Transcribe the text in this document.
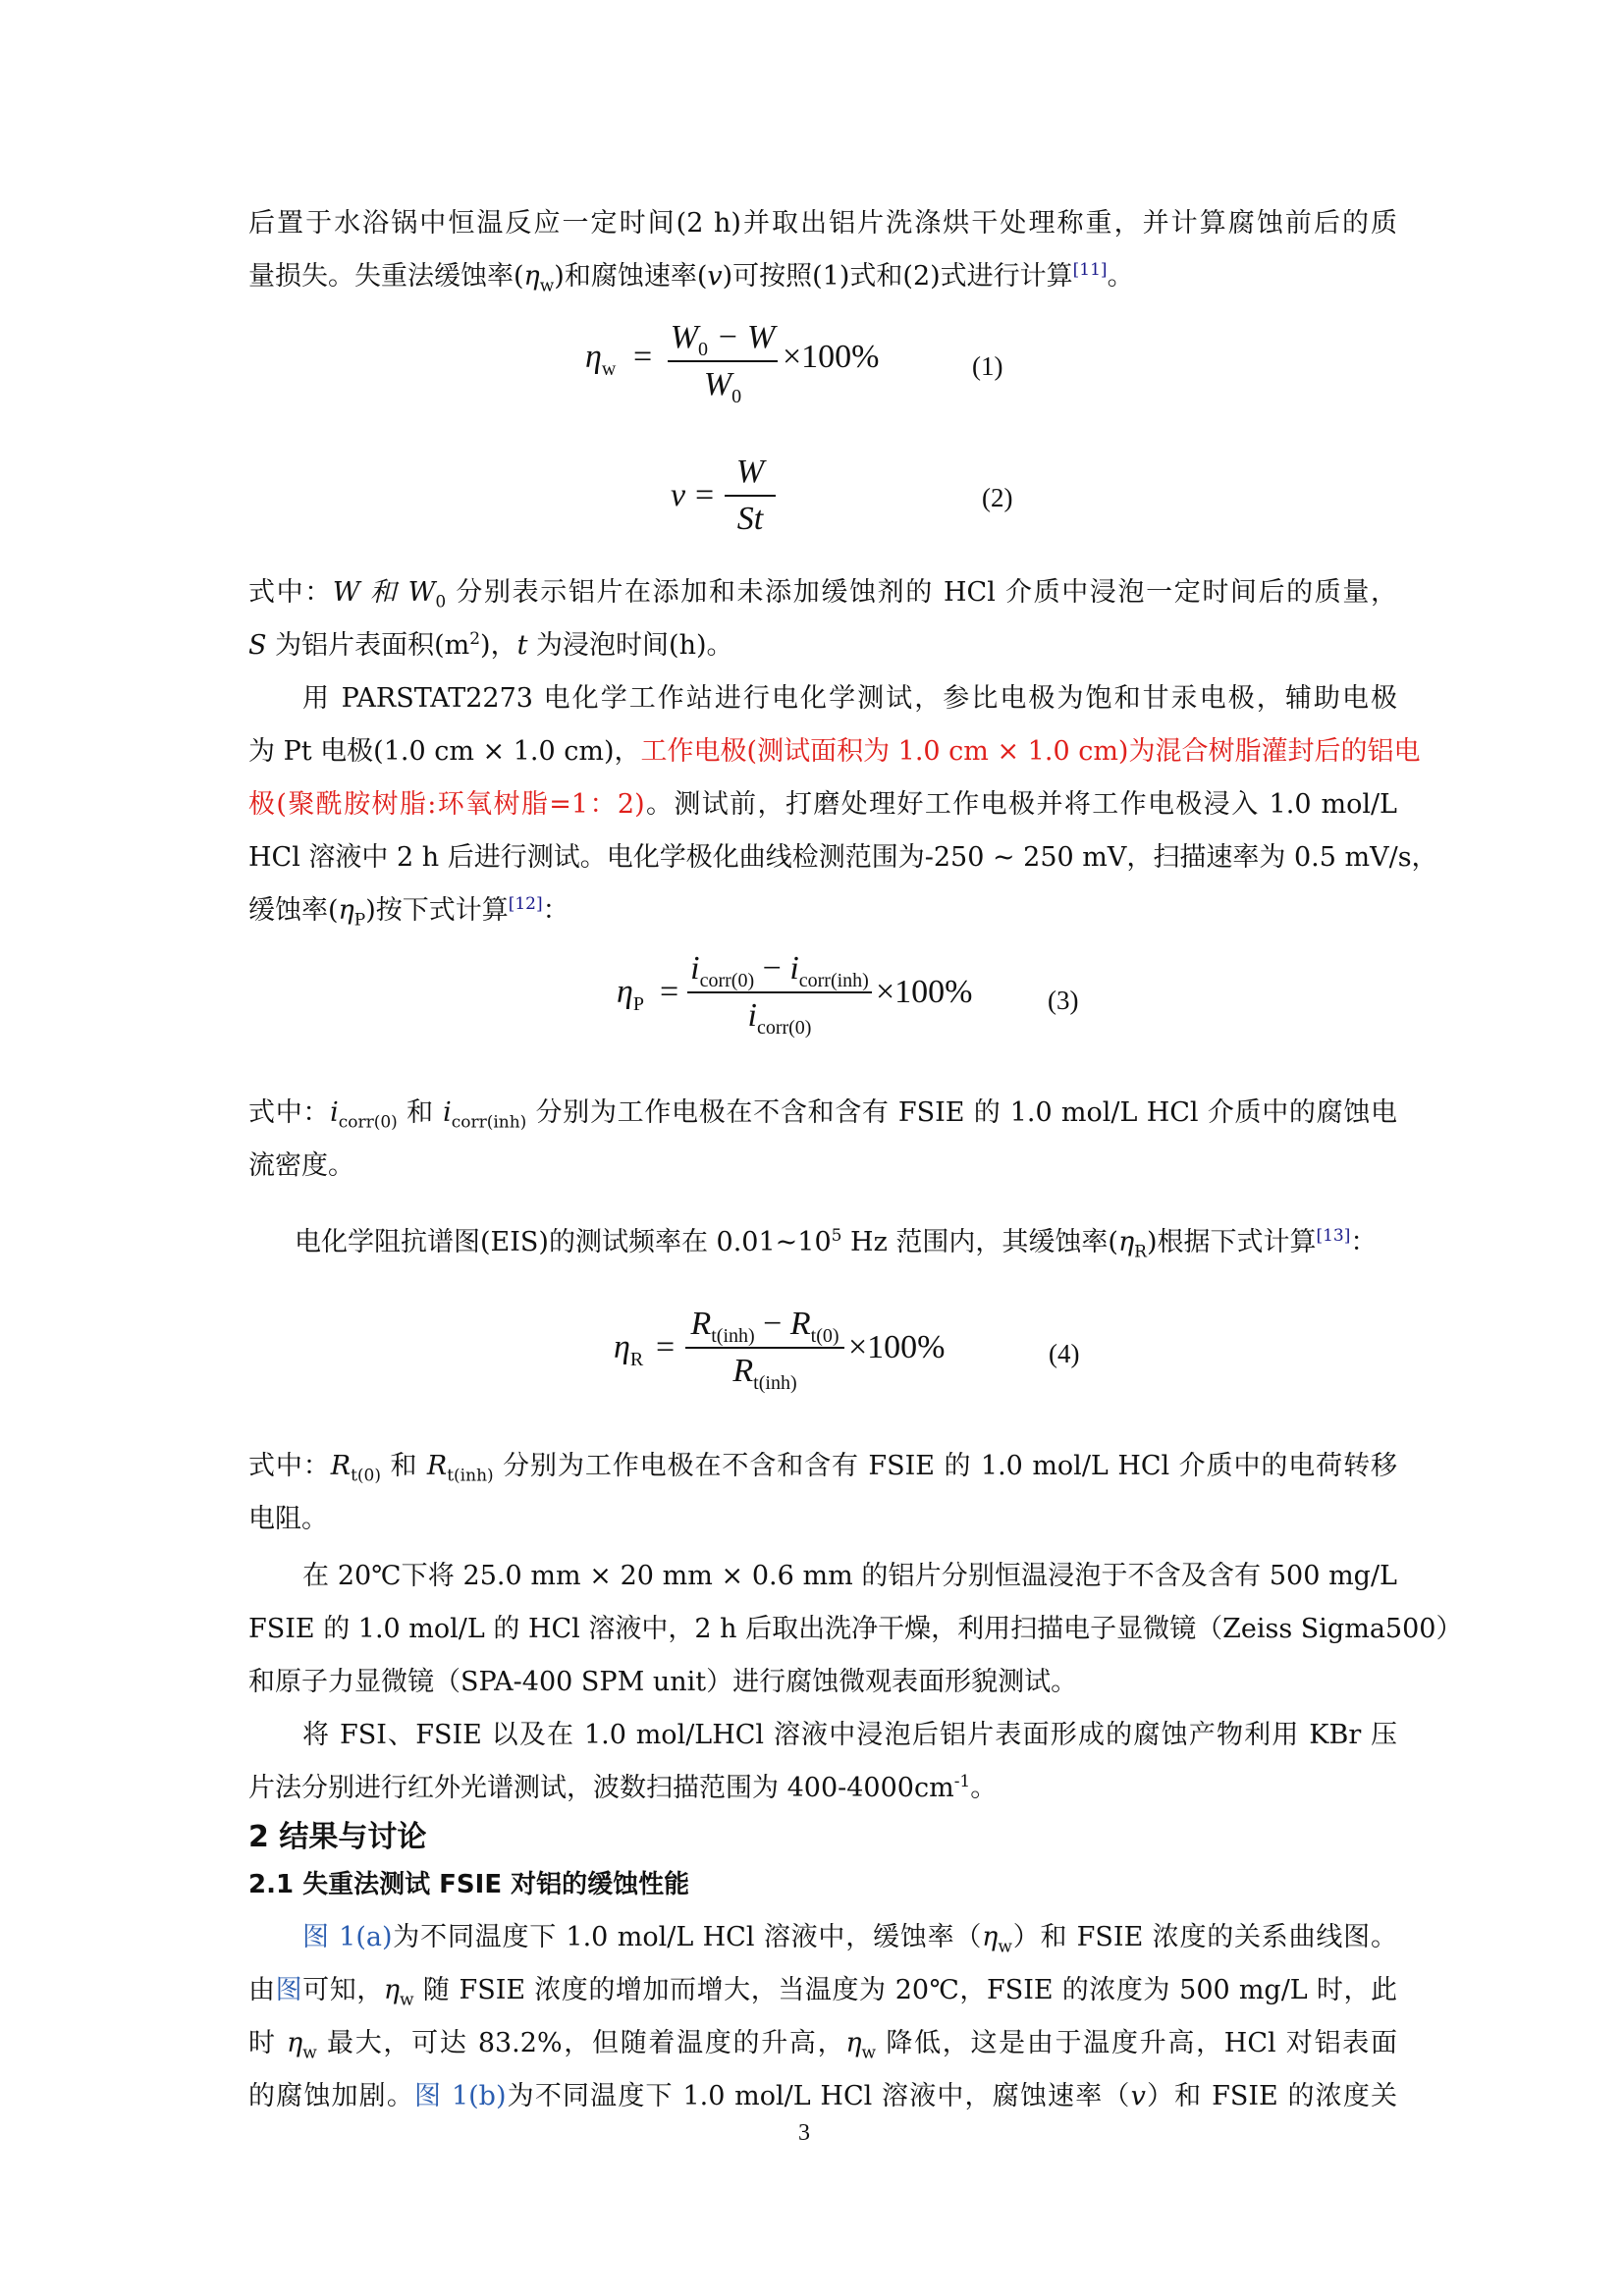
后置于水浴锅中恒温反应一定时间(2 h)并取出铝片洗涤烘干处理称重，并计算腐蚀前后的质
量损失。失重法缓蚀率$(\eta_w)$和腐蚀速率(v)可按照(1)式和(2)式进行计算[11]。
$\eta_w$ =
$W_0 - W$
$W_0$
×100%	(1)
v =
W
St
(2)
式中：W 和 $W_0$ 分别表示铝片在添加和未添加缓蚀剂的 HCl 介质中浸泡一定时间后的质量，
S 为铝片表面积$(m^2)$，t 为浸泡时间(h)。
用 PARSTAT2273 电化学工作站进行电化学测试，参比电极为饱和甘汞电极，辅助电极
为 Pt 电极(1.0 cm × 1.0 cm)，工作电极(测试面积为 1.0 cm × 1.0 cm)为混合树脂灌封后的铝电
极(聚酰胺树脂:环氧树脂=1：2)。测试前，打磨处理好工作电极并将工作电极浸入 1.0 mol/L
HCl 溶液中 2 h 后进行测试。电化学极化曲线检测范围为-250 ~ 250 mV，扫描速率为 0.5 mV/s，
缓蚀率$(\eta_P)$按下式计算[12]：
$\eta_P$ =
$i_{corr(0)} - i_{corr(inh)}$
$i_{corr(0)}$
×100%	(3)
式中：$i_{corr(0)}$ 和 $i_{corr(inh)}$ 分别为工作电极在不含和含有 FSIE 的 1.0 mol/L HCl 介质中的腐蚀电
流密度。
电化学阻抗谱图(EIS)的测试频率在 $0.01\sim 10^5$ Hz 范围内，其缓蚀率$(\eta_R)$根据下式计算[13]：
$\eta_R$ =
$R_{t(inh)} - R_{t(0)}$
$R_{t(inh)}$
×100%	(4)
式中：$R_{t(0)}$ 和 $R_{t(inh)}$ 分别为工作电极在不含和含有 FSIE 的 1.0 mol/L HCl 介质中的电荷转移
电阻。
在 20℃下将 25.0 mm × 20 mm × 0.6 mm 的铝片分别恒温浸泡于不含及含有 500 mg/L
FSIE 的 1.0 mol/L 的 HCl 溶液中，2 h 后取出洗净干燥，利用扫描电子显微镜（Zeiss Sigma500）
和原子力显微镜（SPA-400 SPM unit）进行腐蚀微观表面形貌测试。
将 FSI、FSIE 以及在 1.0 mol/LHCl 溶液中浸泡后铝片表面形成的腐蚀产物利用 KBr 压
片法分别进行红外光谱测试，波数扫描范围为 $400-4000cm^{-1}$。
2 结果与讨论
2.1 失重法测试 FSIE 对铝的缓蚀性能
图 1(a)为不同温度下 1.0 mol/L HCl 溶液中，缓蚀率$(\eta_w)$和 FSIE 浓度的关系曲线图。
由图可知，$\eta_w$ 随 FSIE 浓度的增加而增大，当温度为 20℃，FSIE 的浓度为 500 mg/L 时，此
时 $\eta_w$ 最大，可达 83.2%，但随着温度的升高，$\eta_w$ 降低，这是由于温度升高，HCl 对铝表面
的腐蚀加剧。图 1(b)为不同温度下 1.0 mol/L HCl 溶液中，腐蚀速率（v）和 FSIE 的浓度关
3
